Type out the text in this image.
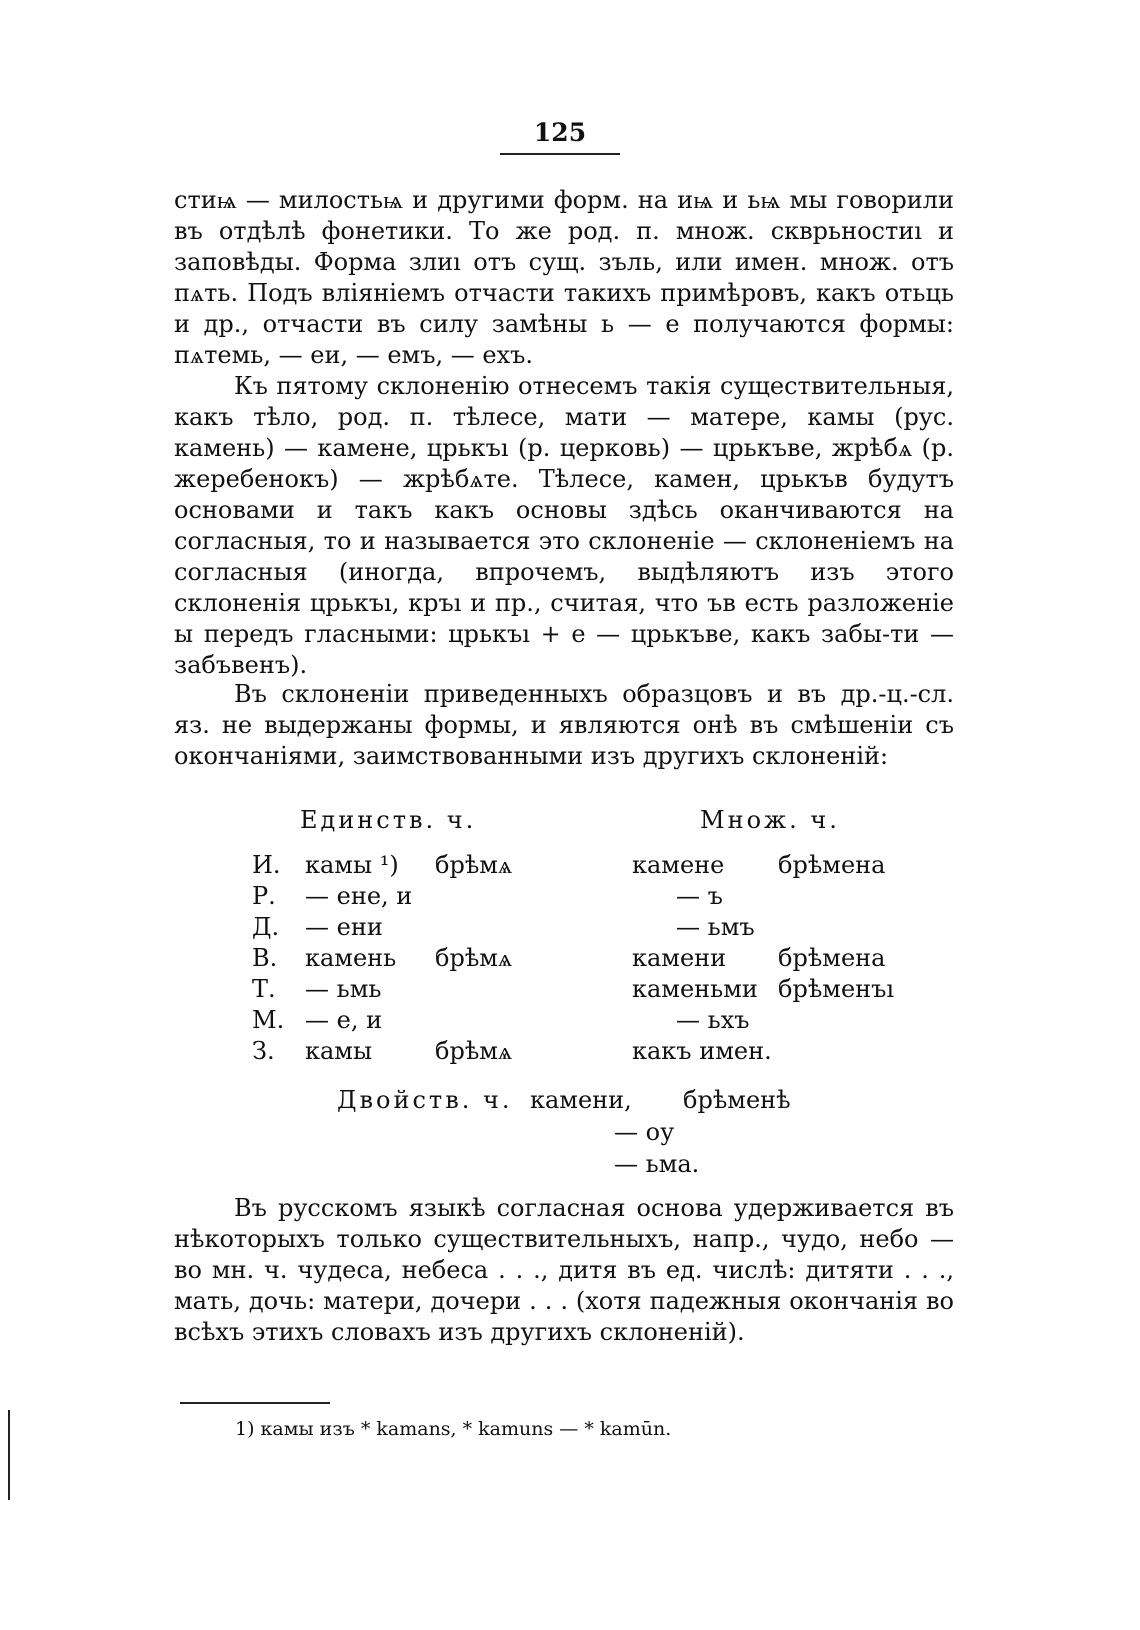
125
стиѩ — милостьѩ и другими форм. на иѩ и ьѩ мы говорили въ отдѣлѣ фонетики. То же род. п. множ. скврьностиı и заповѣды. Форма злиı отъ сущ. зъль, или имен. множ. отъ пѧть. Подъ вліяніемъ отчасти такихъ примѣровъ, какъ отьць и др., отчасти въ силу замѣны ь — е получаются формы: пѧтемь, — еи, — емъ, — ехъ.
Къ пятому склоненію отнесемъ такія существительныя, какъ тѣло, род. п. тѣлесе, мати — матере, камы (рус. камень) — камене, црькъı (р. церковь) — црькъве, жрѣбѧ (р. жеребенокъ) — жрѣбѧте. Тѣлесе, камен, црькъв будутъ основами и такъ какъ основы здѣсь оканчиваются на согласныя, то и называется это склоненіе — склоненіемъ на согласныя (иногда, впрочемъ, выдѣляютъ изъ этого склоненія црькъı, кръı и пр., считая, что ъв есть разложеніе ы передъ гласными: црькъı + е — црькъве, какъ забы-ти — забъвенъ).
Въ склоненіи приведенныхъ образцовъ и въ др.-ц.-сл. яз. не выдержаны формы, и являются онѣ въ смѣшеніи съ окончаніями, заимствованными изъ другихъ склоненій:
Единств. ч.	Множ. ч.
И. камы ¹) брѣмѧ	камене брѣмена
Р. — ене, и	— ъ
Д. — ени	— ьмъ
В. камень брѣмѧ	камени брѣмена
Т. — ьмь	каменьми брѣменъı
М. — е, и	— ьхъ
З. камы	брѣмѧ	какъ имен.
Двойств. ч. камени, брѣменѣ
— оу
— ьма.
Въ русскомъ языкѣ согласная основа удерживается въ нѣкоторыхъ только существительныхъ, напр., чудо, небо — во мн. ч. чудеса, небеса . . ., дитя въ ед. числѣ: дитяти . . ., мать, дочь: матери, дочери . . . (хотя падежныя окончанія во всѣхъ этихъ словахъ изъ другихъ склоненій).
1) камы изъ * kamans, * kamuns — * kamūn.
